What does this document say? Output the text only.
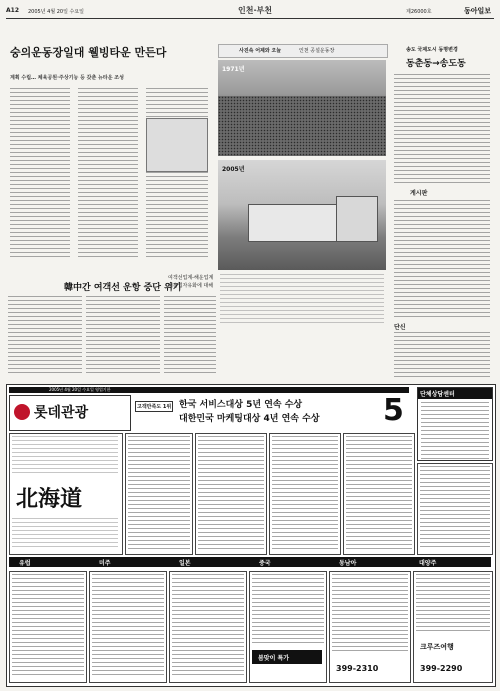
A12 2005년 4월 20일 수요일	인천·부천	제26000호	동아일보
숭의운동장일대 웰빙타운 만든다
계획 수립… 체육공원·주상기능 등 갖춘 뉴타운 조성
사진속 어제와 오늘	인천 공설운동장
1971년
2005년
송도 국제도시 동명변경
동춘동→송도동
게시판
단신
韓中간 여객선 운항 중단 위기
여객선업계-해운업계
해운업자유화에 대해
2005년 4월 20일 수요일 영업기한
롯데관광	한국 서비스대상 5년 연속 수상
대한민국 마케팅대상 4년 연속 수상
고객만족도 1위	5	단체상담센터
北海道
유럽	미주	일본	중국	동남아	대양주
봄맞이 특가
399-2310
크루즈여행
399-2290
